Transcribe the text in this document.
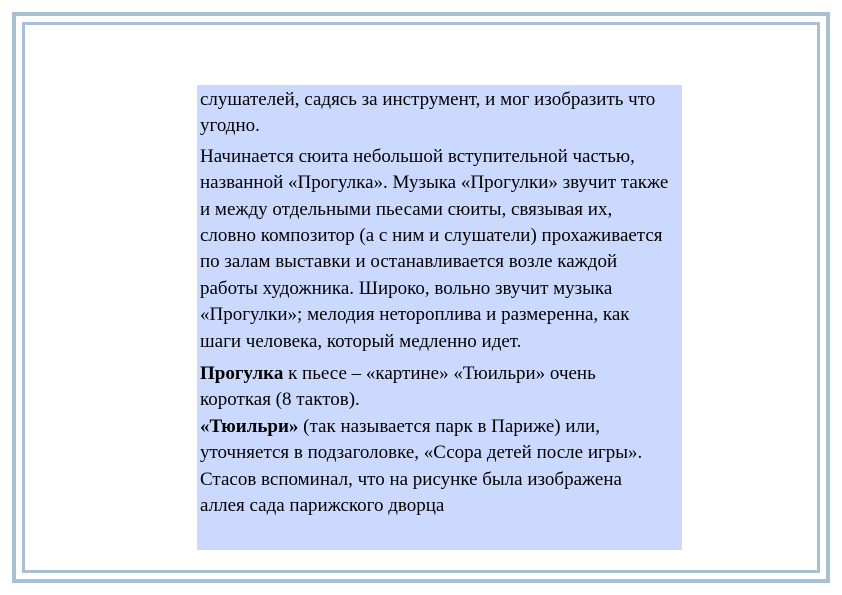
слушателей, садясь за инструмент, и мог изобразить что угодно.

Начинается сюита небольшой вступительной частью, названной «Прогулка». Музыка «Прогулки» звучит также и между отдельными пьесами сюиты, связывая их, словно композитор (а с ним и слушатели) прохаживается по залам выставки и останавливается возле каждой работы художника. Широко, вольно звучит музыка «Прогулки»; мелодия нетороплива и размеренна, как шаги человека, который медленно идет.

Прогулка к пьесе – «картине» «Тюильри» очень короткая (8 тактов).

«Тюильри» (так называется парк в Париже) или, уточняется в подзаголовке, «Ссора детей после игры». Стасов вспоминал, что на рисунке была изображена аллея сада парижского дворца
